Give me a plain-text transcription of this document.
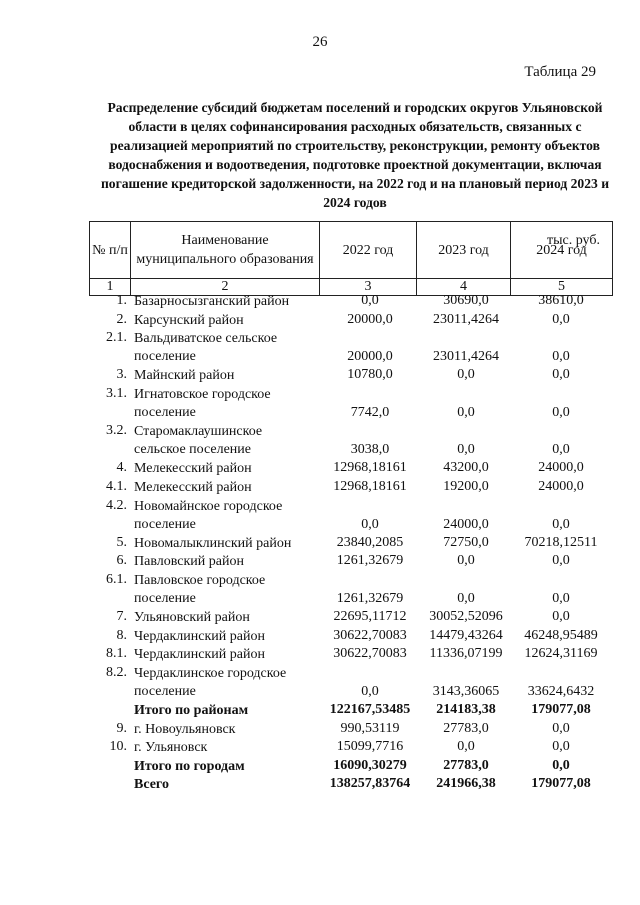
26
Таблица 29
Распределение субсидий бюджетам поселений и городских округов Ульяновской области в целях софинансирования расходных обязательств, связанных с реализацией мероприятий по строительству, реконструкции, ремонту объектов водоснабжения и водоотведения, подготовке проектной документации, включая погашение кредиторской задолженности, на 2022 год и на плановый период 2023 и 2024 годов
тыс. руб.
№ п/п	Наименование муниципального образования	2022 год	2023 год	2024 год
1	2	3	4	5
1. Базарносызганский район	0,0	30690,0	38610,0
2. Карсунский район	20000,0	23011,4264	0,0
2.1. Вальдиватское сельское поселение	20000,0	23011,4264	0,0
3. Майнский район	10780,0	0,0	0,0
3.1. Игнатовское городское поселение	7742,0	0,0	0,0
3.2. Старомаклаушинское сельское поселение	3038,0	0,0	0,0
4. Мелекесский район	12968,18161	43200,0	24000,0
4.1. Мелекесский район	12968,18161	19200,0	24000,0
4.2. Новомайнское городское поселение	0,0	24000,0	0,0
5. Новомалыклинский район	23840,2085	72750,0	70218,12511
6. Павловский район	1261,32679	0,0	0,0
6.1. Павловское городское поселение	1261,32679	0,0	0,0
7. Ульяновский район	22695,11712	30052,52096	0,0
8. Чердаклинский район	30622,70083	14479,43264	46248,95489
8.1. Чердаклинский район	30622,70083	11336,07199	12624,31169
8.2. Чердаклинское городское поселение	0,0	3143,36065	33624,6432
Итого по районам	122167,53485	214183,38	179077,08
9. г. Новоульяновск	990,53119	27783,0	0,0
10. г. Ульяновск	15099,7716	0,0	0,0
Итого по городам	16090,30279	27783,0	0,0
Всего	138257,83764	241966,38	179077,08
